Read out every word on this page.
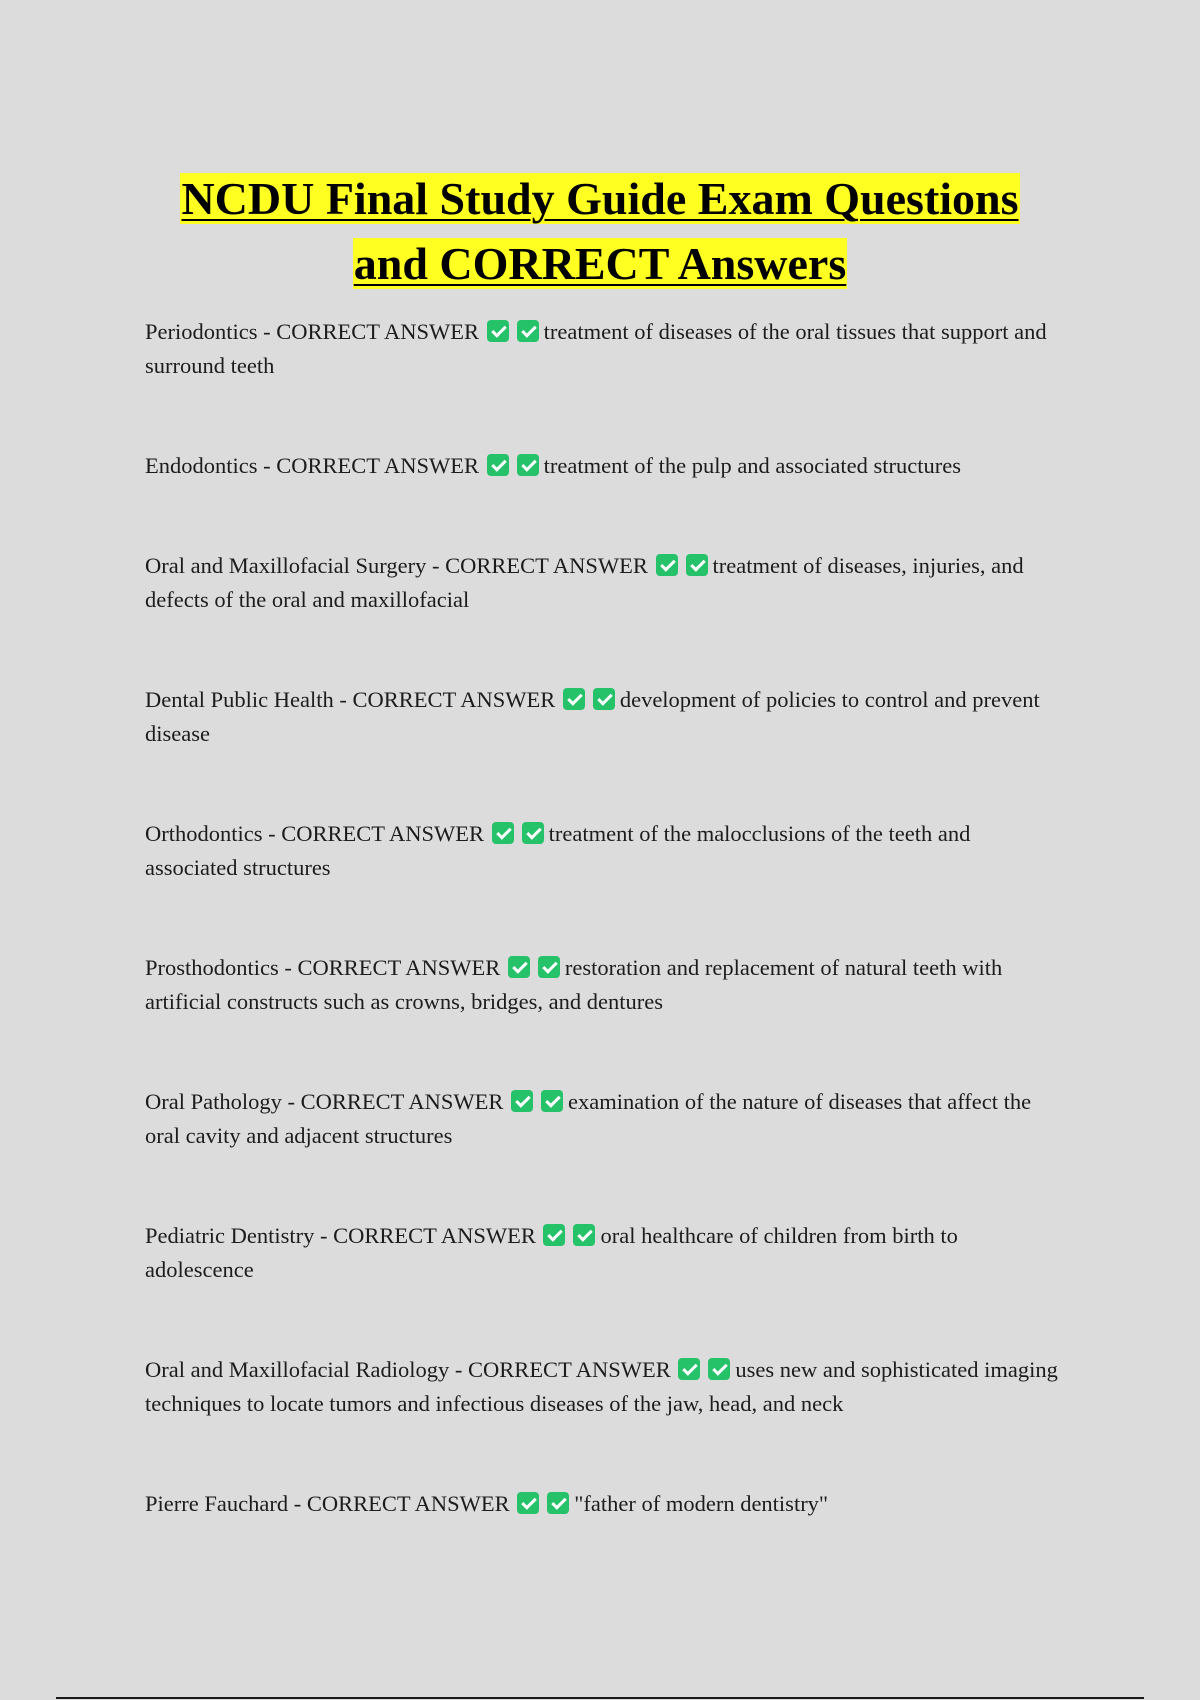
NCDU Final Study Guide Exam Questions
and CORRECT Answers

Periodontics - CORRECT ANSWER	treatment of diseases of the oral tissues that support and surround teeth

Endodontics - CORRECT ANSWER	treatment of the pulp and associated structures

Oral and Maxillofacial Surgery - CORRECT ANSWER	treatment of diseases, injuries, and defects of the oral and maxillofacial

Dental Public Health - CORRECT ANSWER	development of policies to control and prevent disease

Orthodontics - CORRECT ANSWER	treatment of the malocclusions of the teeth and associated structures

Prosthodontics - CORRECT ANSWER	restoration and replacement of natural teeth with artificial constructs such as crowns, bridges, and dentures

Oral Pathology - CORRECT ANSWER	examination of the nature of diseases that affect the oral cavity and adjacent structures

Pediatric Dentistry - CORRECT ANSWER	oral healthcare of children from birth to adolescence

Oral and Maxillofacial Radiology - CORRECT ANSWER	uses new and sophisticated imaging techniques to locate tumors and infectious diseases of the jaw, head, and neck

Pierre Fauchard - CORRECT ANSWER	"father of modern dentistry"
